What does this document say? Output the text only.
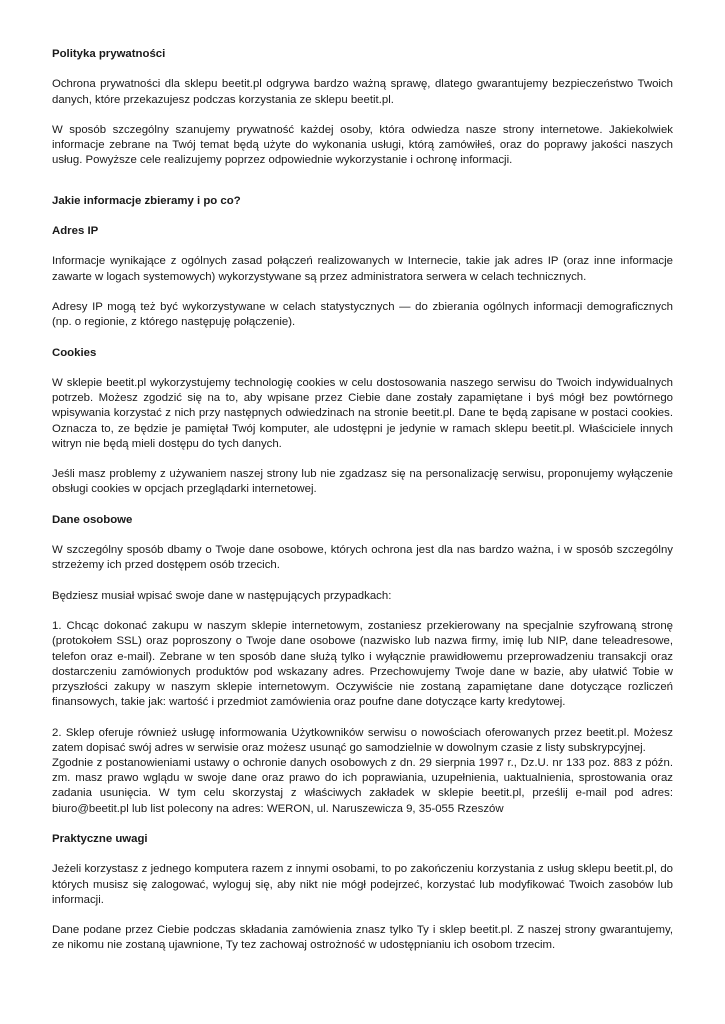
Polityka prywatności

Ochrona prywatności dla sklepu beetit.pl odgrywa bardzo ważną sprawę, dlatego gwarantujemy bezpieczeństwo Twoich danych, które przekazujesz podczas korzystania ze sklepu beetit.pl.

W sposób szczególny szanujemy prywatność każdej osoby, która odwiedza nasze strony internetowe. Jakiekolwiek informacje zebrane na Twój temat będą użyte do wykonania usługi, którą zamówiłeś, oraz do poprawy jakości naszych usług. Powyższe cele realizujemy poprzez odpowiednie wykorzystanie i ochronę informacji.

Jakie informacje zbieramy i po co?

Adres IP

Informacje wynikające z ogólnych zasad połączeń realizowanych w Internecie, takie jak adres IP (oraz inne informacje zawarte w logach systemowych) wykorzystywane są przez administratora serwera w celach technicznych.

Adresy IP mogą też być wykorzystywane w celach statystycznych — do zbierania ogólnych informacji demograficznych (np. o regionie, z którego następuję połączenie).

Cookies

W sklepie beetit.pl wykorzystujemy technologię cookies w celu dostosowania naszego serwisu do Twoich indywidualnych potrzeb. Możesz zgodzić się na to, aby wpisane przez Ciebie dane zostały zapamiętane i byś mógł bez powtórnego wpisywania korzystać z nich przy następnych odwiedzinach na stronie beetit.pl. Dane te będą zapisane w postaci cookies. Oznacza to, ze będzie je pamiętał Twój komputer, ale udostępni je jedynie w ramach sklepu beetit.pl. Właściciele innych witryn nie będą mieli dostępu do tych danych.

Jeśli masz problemy z używaniem naszej strony lub nie zgadzasz się na personalizację serwisu, proponujemy wyłączenie obsługi cookies w opcjach przeglądarki internetowej.

Dane osobowe

W szczególny sposób dbamy o Twoje dane osobowe, których ochrona jest dla nas bardzo ważna, i w sposób szczególny strzeżemy ich przed dostępem osób trzecich.

Będziesz musiał wpisać swoje dane w następujących przypadkach:

1. Chcąc dokonać zakupu w naszym sklepie internetowym, zostaniesz przekierowany na specjalnie szyfrowaną stronę (protokołem SSL) oraz poproszony o Twoje dane osobowe (nazwisko lub nazwa firmy, imię lub NIP, dane teleadresowe, telefon oraz e-mail). Zebrane w ten sposób dane służą tylko i wyłącznie prawidłowemu przeprowadzeniu transakcji oraz dostarczeniu zamówionych produktów pod wskazany adres. Przechowujemy Twoje dane w bazie, aby ułatwić Tobie w przyszłości zakupy w naszym sklepie internetowym. Oczywiście nie zostaną zapamiętane dane dotyczące rozliczeń finansowych, takie jak: wartość i przedmiot zamówienia oraz poufne dane dotyczące karty kredytowej.

2. Sklep oferuje również usługę informowania Użytkowników serwisu o nowościach oferowanych przez beetit.pl. Możesz zatem dopisać swój adres w serwisie oraz możesz usunąć go samodzielnie w dowolnym czasie z listy subskrypcyjnej.

Zgodnie z postanowieniami ustawy o ochronie danych osobowych z dn. 29 sierpnia 1997 r., Dz.U. nr 133 poz. 883 z późn. zm. masz prawo wglądu w swoje dane oraz prawo do ich poprawiania, uzupełnienia, uaktualnienia, sprostowania oraz zadania usunięcia. W tym celu skorzystaj z właściwych zakładek w sklepie beetit.pl, prześlij e-mail pod adres: biuro@beetit.pl lub list polecony na adres: WERON, ul. Naruszewicza 9, 35-055 Rzeszów

Praktyczne uwagi

Jeżeli korzystasz z jednego komputera razem z innymi osobami, to po zakończeniu korzystania z usług sklepu beetit.pl, do których musisz się zalogować, wyloguj się, aby nikt nie mógł podejrzeć, korzystać lub modyfikować Twoich zasobów lub informacji.

Dane podane przez Ciebie podczas składania zamówienia znasz tylko Ty i sklep beetit.pl. Z naszej strony gwarantujemy, ze nikomu nie zostaną ujawnione, Ty tez zachowaj ostrożność w udostępnianiu ich osobom trzecim.
